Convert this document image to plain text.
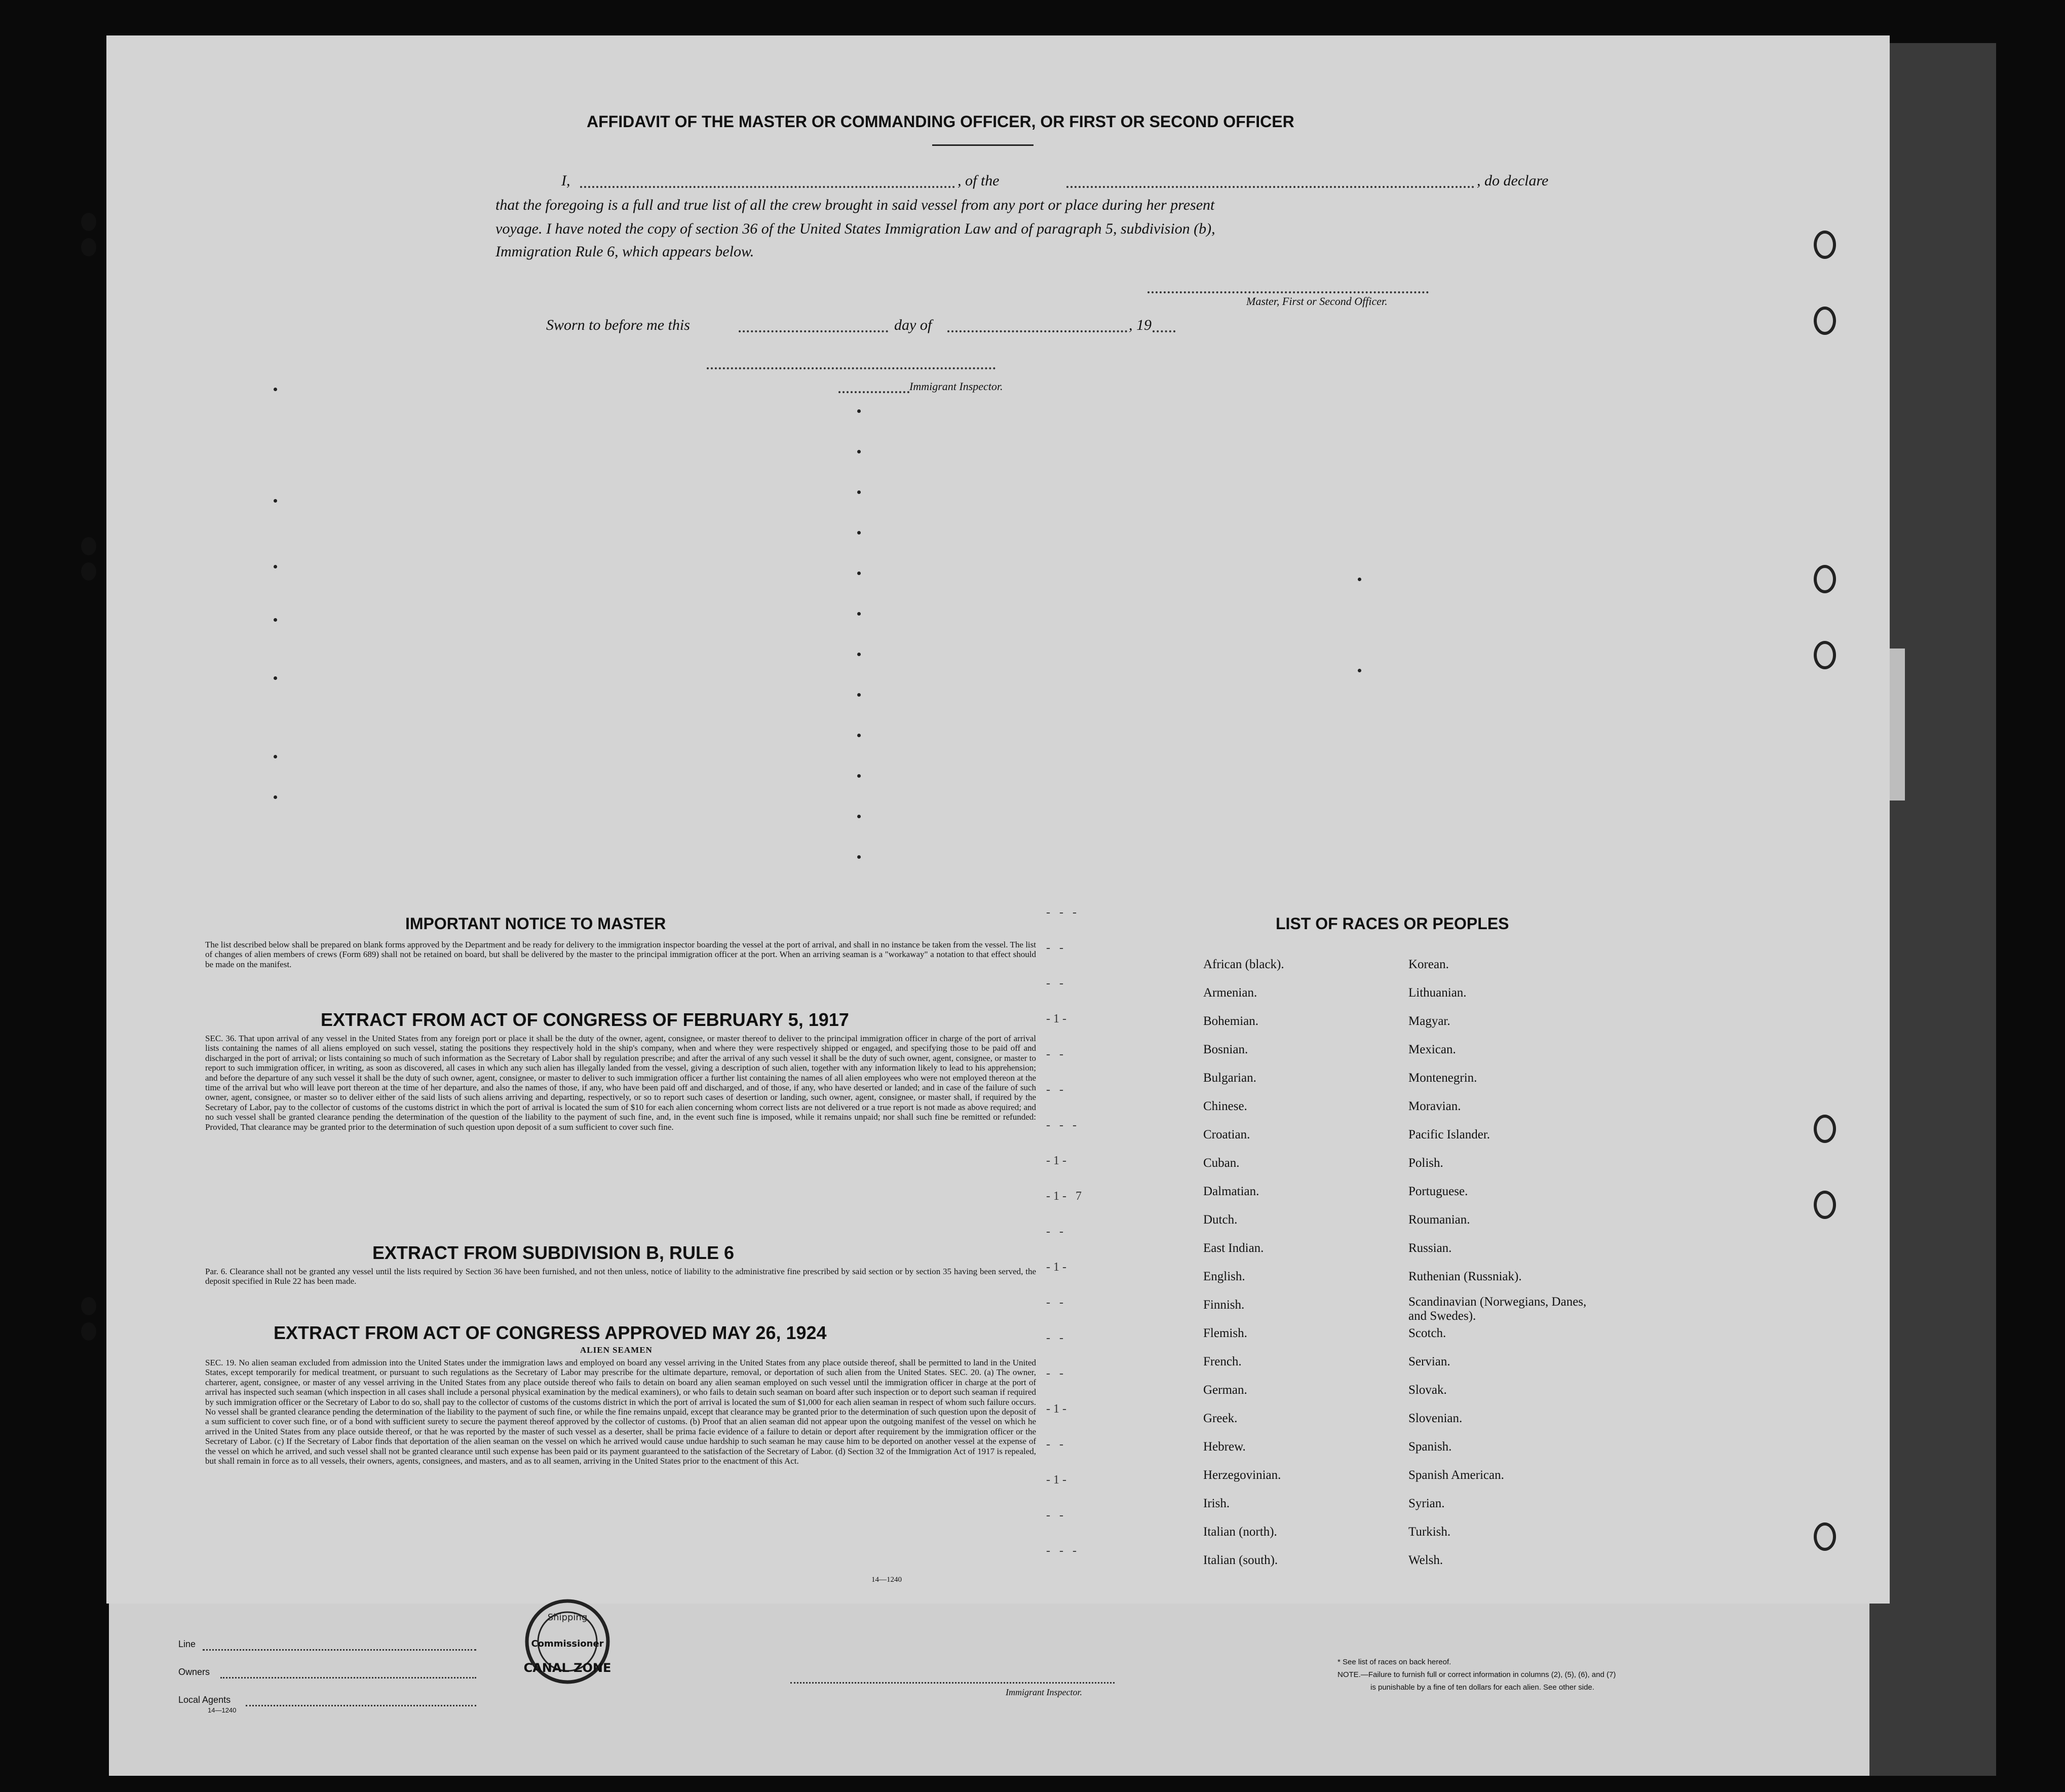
AFFIDAVIT OF THE MASTER OR COMMANDING OFFICER, OR FIRST OR SECOND OFFICER
I,	, of the	, do declare
that the foregoing is a full and true list of all the crew brought in said vessel from any port or place during her present
voyage. I have noted the copy of section 36 of the United States Immigration Law and of paragraph 5, subdivision (b),
Immigration Rule 6, which appears below.
Master, First or Second Officer.
Sworn to before me this	day of	, 19
Immigrant Inspector.
IMPORTANT NOTICE TO MASTER

The list described below shall be prepared on blank forms approved by the Department and be ready for delivery to the immigration inspector boarding the vessel at the port of arrival, and shall in no instance be taken from the vessel. The list of changes of alien members of crews (Form 689) shall not be retained on board, but shall be delivered by the master to the principal immigration officer at the port. When an arriving seaman is a "workaway" a notation to that effect should be made on the manifest.

EXTRACT FROM ACT OF CONGRESS OF FEBRUARY 5, 1917

SEC. 36. That upon arrival of any vessel in the United States from any foreign port or place it shall be the duty of the owner, agent, consignee, or master thereof to deliver to the principal immigration officer in charge of the port of arrival lists containing the names of all aliens employed on such vessel, stating the positions they respectively hold in the ship's company, when and where they were respectively shipped or engaged, and specifying those to be paid off and discharged in the port of arrival; or lists containing so much of such information as the Secretary of Labor shall by regulation prescribe; and after the arrival of any such vessel it shall be the duty of such owner, agent, consignee, or master to report to such immigration officer, in writing, as soon as discovered, all cases in which any such alien has illegally landed from the vessel, giving a description of such alien, together with any information likely to lead to his apprehension; and before the departure of any such vessel it shall be the duty of such owner, agent, consignee, or master to deliver to such immigration officer a further list containing the names of all alien employees who were not employed thereon at the time of the arrival but who will leave port thereon at the time of her departure, and also the names of those, if any, who have been paid off and discharged, and of those, if any, who have deserted or landed; and in case of the failure of such owner, agent, consignee, or master so to deliver either of the said lists of such aliens arriving and departing, respectively, or so to report such cases of desertion or landing, such owner, agent, consignee, or master shall, if required by the Secretary of Labor, pay to the collector of customs of the customs district in which the port of arrival is located the sum of $10 for each alien concerning whom correct lists are not delivered or a true report is not made as above required; and no such vessel shall be granted clearance pending the determination of the question of the liability to the payment of such fine, and, in the event such fine is imposed, while it remains unpaid; nor shall such fine be remitted or refunded: Provided, That clearance may be granted prior to the determination of such question upon deposit of a sum sufficient to cover such fine.

EXTRACT FROM SUBDIVISION B, RULE 6

Par. 6. Clearance shall not be granted any vessel until the lists required by Section 36 have been furnished, and not then unless, notice of liability to the administrative fine prescribed by said section or by section 35 having been served, the deposit specified in Rule 22 has been made.

EXTRACT FROM ACT OF CONGRESS APPROVED MAY 26, 1924
ALIEN SEAMEN

SEC. 19. No alien seaman excluded from admission into the United States under the immigration laws and employed on board any vessel arriving in the United States from any place outside thereof, shall be permitted to land in the United States, except temporarily for medical treatment, or pursuant to such regulations as the Secretary of Labor may prescribe for the ultimate departure, removal, or deportation of such alien from the United States. SEC. 20. (a) The owner, charterer, agent, consignee, or master of any vessel arriving in the United States from any place outside thereof who fails to detain on board any alien seaman employed on such vessel until the immigration officer in charge at the port of arrival has inspected such seaman (which inspection in all cases shall include a personal physical examination by the medical examiners), or who fails to detain such seaman on board after such inspection or to deport such seaman if required by such immigration officer or the Secretary of Labor to do so, shall pay to the collector of customs of the customs district in which the port of arrival is located the sum of $1,000 for each alien seaman in respect of whom such failure occurs. No vessel shall be granted clearance pending the determination of the liability to the payment of such fine, or while the fine remains unpaid, except that clearance may be granted prior to the determination of such question upon the deposit of a sum sufficient to cover such fine, or of a bond with sufficient surety to secure the payment thereof approved by the collector of customs. (b) Proof that an alien seaman did not appear upon the outgoing manifest of the vessel on which he arrived in the United States from any place outside thereof, or that he was reported by the master of such vessel as a deserter, shall be prima facie evidence of a failure to detain or deport after requirement by the immigration officer or the Secretary of Labor. (c) If the Secretary of Labor finds that deportation of the alien seaman on the vessel on which he arrived would cause undue hardship to such seaman he may cause him to be deported on another vessel at the expense of the vessel on which he arrived, and such vessel shall not be granted clearance until such expense has been paid or its payment guaranteed to the satisfaction of the Secretary of Labor. (d) Section 32 of the Immigration Act of 1917 is repealed, but shall remain in force as to all vessels, their owners, agents, consignees, and masters, and as to all seamen, arriving in the United States prior to the enactment of this Act.

14—1240
- - -
- -
- -
-1-
- -
- -
- - -
-1-
-1- 7
- -
-1-
- -
- -
- -
-1-
- -
-1-
- -
- - -
LIST OF RACES OR PEOPLES
African (black).
Armenian.
Bohemian.
Bosnian.
Bulgarian.
Chinese.
Croatian.
Cuban.
Dalmatian.
Dutch.
East Indian.
English.
Finnish.
Flemish.
French.
German.
Greek.
Hebrew.
Herzegovinian.
Irish.
Italian (north).
Italian (south).
Korean.
Lithuanian.
Magyar.
Mexican.
Montenegrin.
Moravian.
Pacific Islander.
Polish.
Portuguese.
Roumanian.
Russian.
Ruthenian (Russniak).
Scandinavian (Norwegians, Danes, and Swedes).
Scotch.
Servian.
Slovak.
Slovenian.
Spanish.
Spanish American.
Syrian.
Turkish.
Welsh.
Line
Owners
Local Agents
14—1240
Shipping
Commissioner
CANAL ZONE
Immigrant Inspector.
* See list of races on back hereof.
NOTE.—Failure to furnish full or correct information in columns (2), (5), (6), and (7)
is punishable by a fine of ten dollars for each alien. See other side.
